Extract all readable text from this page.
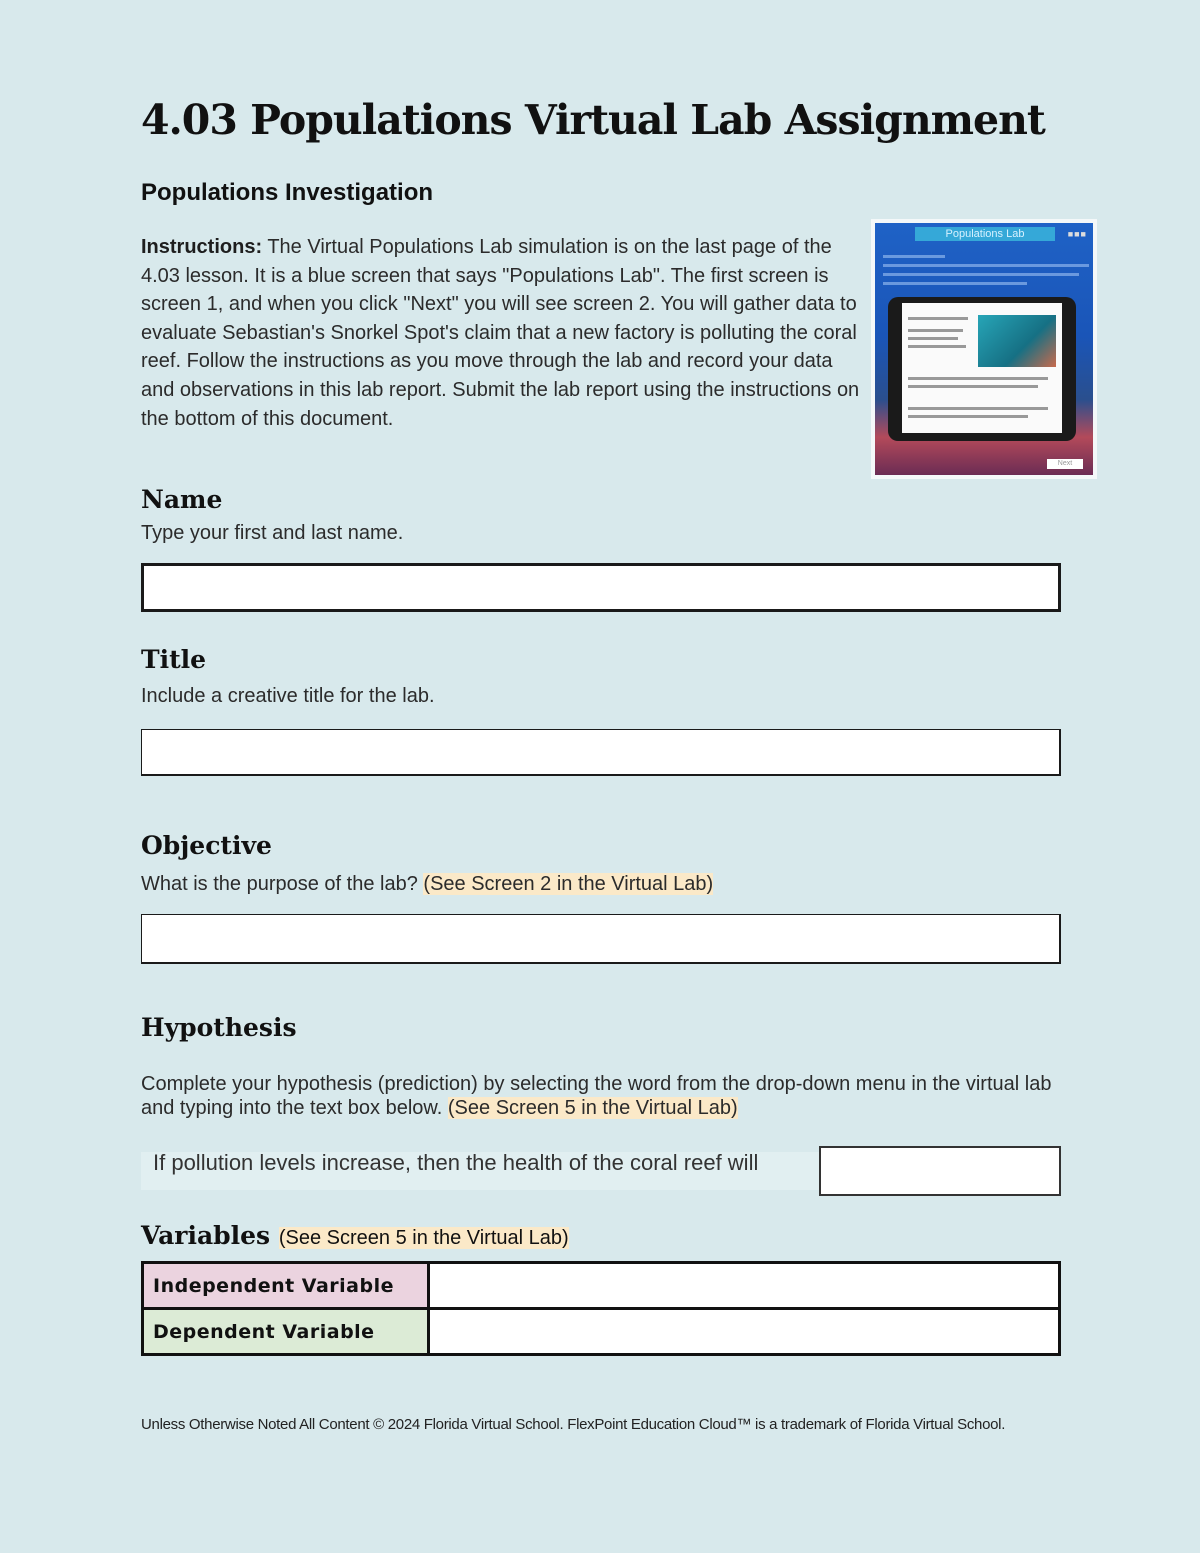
4.03 Populations Virtual Lab Assignment
Populations Investigation

Instructions: The Virtual Populations Lab simulation is on the last page of the 4.03 lesson. It is a blue screen that says "Populations Lab". The first screen is screen 1, and when you click "Next" you will see screen 2. You will gather data to evaluate Sebastian's Snorkel Spot's claim that a new factory is polluting the coral reef. Follow the instructions as you move through the lab and record your data and observations in this lab report. Submit the lab report using the instructions on the bottom of this document.

Populations Lab	■■■
Next
Name

Type your first and last name.

Title

Include a creative title for the lab.

Objective

What is the purpose of the lab? (See Screen 2 in the Virtual Lab)

Hypothesis

Complete your hypothesis (prediction) by selecting the word from the drop-down menu in the virtual lab and typing into the text box below. (See Screen 5 in the Virtual Lab)

If pollution levels increase, then the health of the coral reef will

Variables (See Screen 5 in the Virtual Lab)

Independent Variable	
Dependent Variable	

Unless Otherwise Noted All Content © 2024 Florida Virtual School. FlexPoint Education Cloud™ is a trademark of Florida Virtual School.
